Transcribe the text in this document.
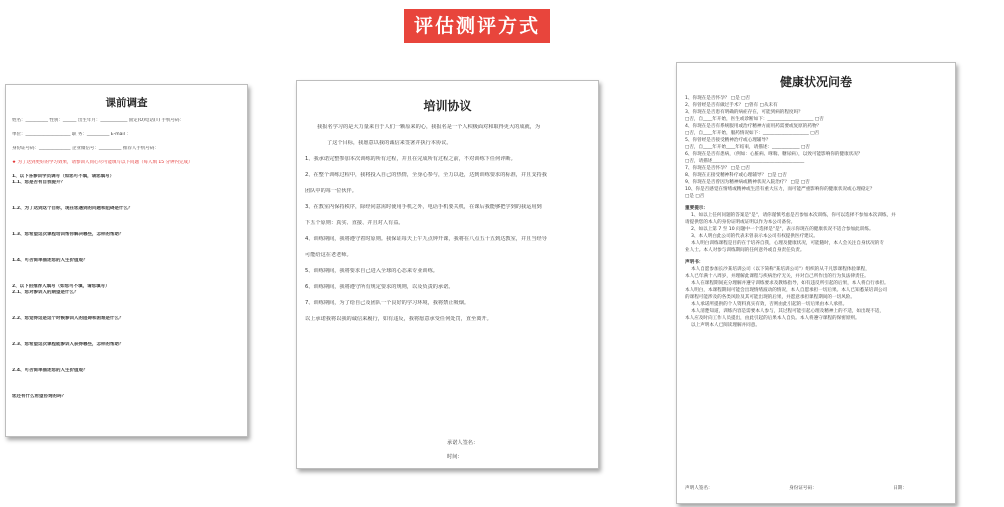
评估测评方式
课前调查
姓名：__________ 性别：______ 出生年月：____________ 固定(O)电话(T) 手机号码：
单位：____________________ 职 务：__________ E-mail ：
身份证号码：______________ 企业微信号：__________ 推荐人手机号码：
★ 为了达到更好的学习效果，请参训人同心尽可能填写以下问题（每人填 15 分钟内完成）
1、以下各参训学员调写（如您可不填，请您填写）
1.1、您是否有自我提升？
1.2、为了达到这个目标，现在您遇到的问题和阻碍是什么？
1.3、您希望这次课程培训帮你解决哪些，怎样的帮助？
1.4、可否简单描述您的人生价值观？
2、以下由推荐人填写（如您可不填，请您填写）
2.1、您对参训人的期望是什么？
2.2、您觉得这是这个时候参训人的阻碍和困难是什么？
2.3、您希望这次课程能参训人获得哪些，怎样的帮助？
2.4、可否简单描述您的人生价值观？
您还有什么希望咨询的吗？
培训协议
我报名学习的是大力量来自于人们一颗原来的心，我报名是一个人积极面对和取得更大的成就，为
了这个目标，我愿意以我的诚信来签署并执行本协议。
1、我承诺完整参加本次训练的所有过程，并且在完成所有过程之前，不对训练下任何评断。
2、在整个训练过程中，我将投入自己的热情，全身心参与，全力以赴，达到训练要求的标准，并且支持我
团队中的每一位伙伴。
3、在教室内保持秩序，除经同意需时使用手机之外，电话手机要关机，在课后我能够把学到的我运用到
下五个原则：真实、直接、并且对人有益。
4、训练期间，我将遵守着时原则。我保证每天上午九点钟开课，我将在八点五十五到达教室，并且当经导
可能给这在老老师。
5、训练期间，我将要求自己进入全球的心态来专业训练。
6、训练期间，我将遵守所有规定要求的规则，以及负责的承诺。
7、训练期间，为了给自己及团队一个良好的学习环境，我将禁止吸烟。
以上承诺我将以我的诚信来履行，如有违反，我将愿意承受任何处罚，直至离开。
承诺人签名：
时间：
健康状况问卷
1、你现在是否怀孕？ □是 □否
2、你曾经是否有做过手术？ □曾有 □从未有
3、你现在是否患有明确的病症存在，可能到病的程度吗？
□否，自____年开始，医生或诊断如下：____________________ □否
4、你现在是否有系统服用或治疗精神方面用药需要或复原的药物？
□否，自____年开始，服药情况如下：____________________ □否
5、你曾经是否接受精神治疗或心理辅导？
□否，自____年开始____年结束，请描述：____________ □否
6、你现在是否有患病，（例如：心脏病、哮喘、糖尿病），以致可能影响你的健康状况？
□否，请描述________________________________________
7、你现在是否怀孕？ □是 □否
8、你现在正接受精神科疗或心理辅导？ □是 □否
9、你现在是否曾因为精神病或精神状况入院治疗？ □是 □否
10、你是否感觉在情绪或精神或生活有重大压力，而可能严重影响你的健康状况或心理稳定？
□是 □否
重要提示：
1、如以上任何问题的答案是"是"，请你谨慎考虑是否参加本次训练，你可以选择不参加本次训练，并
请提供您的本人的身份证明或证明以作为本公司备份。
2、如以上第 7 至 10 问题中一个选择是"是"，表示你现在的健康状况不适合参加此训练。
3、本人明白此公司的代表未曾表示本公司有权提供医疗建议。
本人明白训练课程是目的在于培养自我，心理及健康状况，可能随时，本人会关注自身状况的专
业人士。本人对参与训练期间的任何意外或自身责任负责。
声明书：
本人自愿参加长沙某培训公司（以下简称"某培训公司"）组织的从千凡影课程体验课程，
本人已年满十八周岁，并理解此课程与疾病治疗无关，并对自己所作出的行为负法律责任。
本人在课程期间充分理解并遵守训练要求及教练指导，如有违反所引起的后果，本人将自行承担。
本人明白，本课程期间可能会出现情绪波动的情况，本人自愿承担一切后果。本人已知悉某培训公司
的课程可能涉及的各类风险及其可能出现的后果，并愿意承担课程期间的一切风险。
本人承诺所提供的个人资料真实有效，否则由此引起的一切后果由本人承担。
本人清楚知道，训练内容是需要本人参与，其过程可能引起心理及精神上的不适，如出现不适，
本人应及时向工作人员提出，由此引起的后果本人自负。本人将遵守课程的保密原则。
以上声明本人已阅读理解并同意。
声明人签名：	身份证号码：	日期：
